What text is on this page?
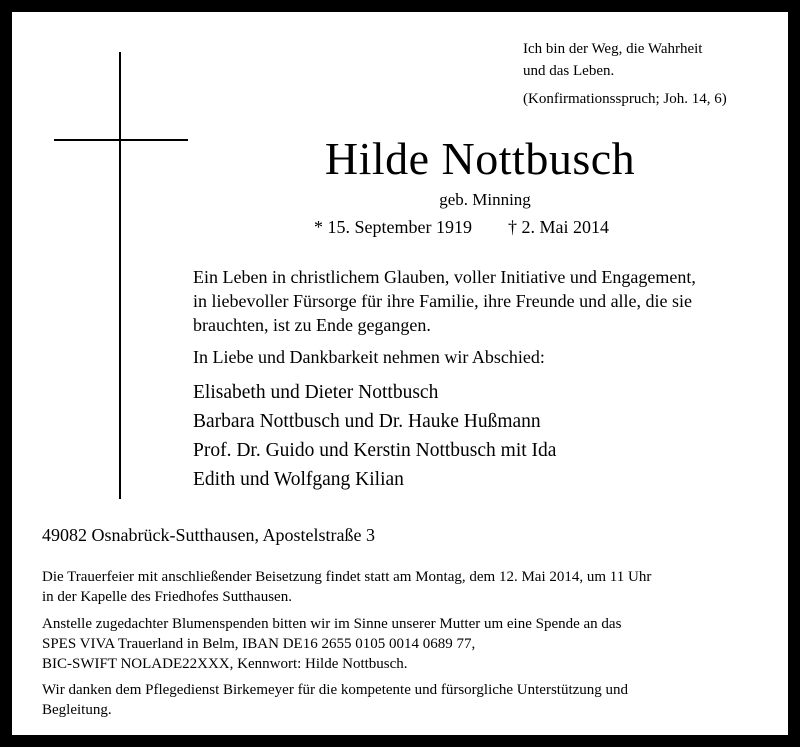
Ich bin der Weg, die Wahrheit
und das Leben.
(Konfirmationsspruch; Joh. 14, 6)
Hilde Nottbusch
geb. Minning
* 15. September 1919 † 2. Mai 2014
Ein Leben in christlichem Glauben, voller Initiative und Engagement,
in liebevoller Fürsorge für ihre Familie, ihre Freunde und alle, die sie
brauchten, ist zu Ende gegangen.
In Liebe und Dankbarkeit nehmen wir Abschied:
Elisabeth und Dieter Nottbusch
Barbara Nottbusch und Dr. Hauke Hußmann
Prof. Dr. Guido und Kerstin Nottbusch mit Ida
Edith und Wolfgang Kilian
49082 Osnabrück-Sutthausen, Apostelstraße 3
Die Trauerfeier mit anschließender Beisetzung findet statt am Montag, dem 12. Mai 2014, um 11 Uhr
in der Kapelle des Friedhofes Sutthausen.
Anstelle zugedachter Blumenspenden bitten wir im Sinne unserer Mutter um eine Spende an das
SPES VIVA Trauerland in Belm, IBAN DE16 2655 0105 0014 0689 77,
BIC-SWIFT NOLADE22XXX, Kennwort: Hilde Nottbusch.
Wir danken dem Pflegedienst Birkemeyer für die kompetente und fürsorgliche Unterstützung und
Begleitung.
